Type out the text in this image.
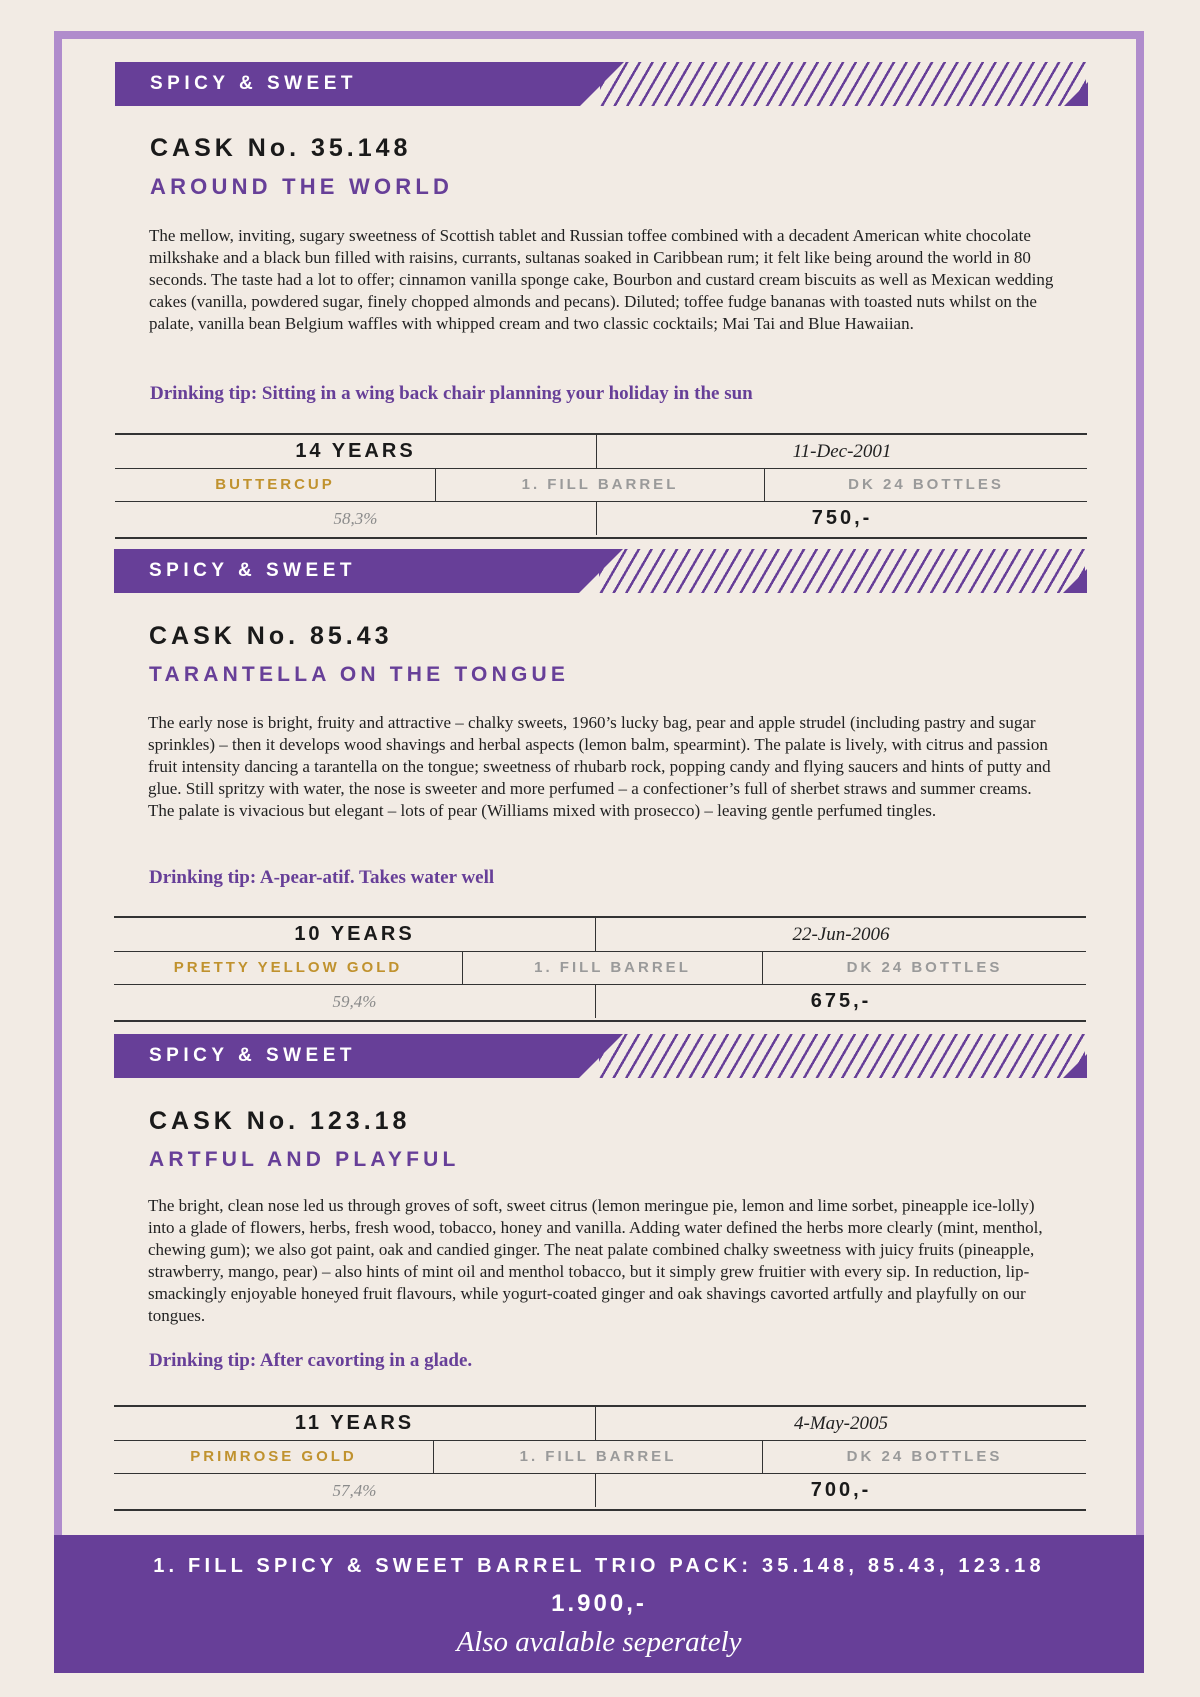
SPICY & SWEET
CASK No. 35.148
AROUND THE WORLD
The mellow, inviting, sugary sweetness of Scottish tablet and Russian toffee combined with a decadent American white chocolate milkshake and a black bun filled with raisins, currants, sultanas soaked in Caribbean rum; it felt like being around the world in 80 seconds. The taste had a lot to offer; cinnamon vanilla sponge cake, Bourbon and custard cream biscuits as well as Mexican wedding cakes (vanilla, powdered sugar, finely chopped almonds and pecans). Diluted; toffee fudge bananas with toasted nuts whilst on the palate, vanilla bean Belgium waffles with whipped cream and two classic cocktails; Mai Tai and Blue Hawaiian.
Drinking tip: Sitting in a wing back chair planning your holiday in the sun
14 YEARS	11-Dec-2001
BUTTERCUP	1. FILL BARREL	DK 24 BOTTLES
58,3%	750,-
SPICY & SWEET
CASK No. 85.43
TARANTELLA ON THE TONGUE
The early nose is bright, fruity and attractive – chalky sweets, 1960’s lucky bag, pear and apple strudel (including pastry and sugar sprinkles) – then it develops wood shavings and herbal aspects (lemon balm, spearmint). The palate is lively, with citrus and passion fruit intensity dancing a tarantella on the tongue; sweetness of rhubarb rock, popping candy and flying saucers and hints of putty and glue. Still spritzy with water, the nose is sweeter and more perfumed – a confectioner’s full of sherbet straws and summer creams. The palate is vivacious but elegant – lots of pear (Williams mixed with prosecco) – leaving gentle perfumed tingles.
Drinking tip: A-pear-atif. Takes water well
10 YEARS	22-Jun-2006
PRETTY YELLOW GOLD	1. FILL BARREL	DK 24 BOTTLES
59,4%	675,-
SPICY & SWEET
CASK No. 123.18
ARTFUL AND PLAYFUL
The bright, clean nose led us through groves of soft, sweet citrus (lemon meringue pie, lemon and lime sorbet, pineapple ice-lolly) into a glade of flowers, herbs, fresh wood, tobacco, honey and vanilla. Adding water defined the herbs more clearly (mint, menthol, chewing gum); we also got paint, oak and candied ginger. The neat palate combined chalky sweetness with juicy fruits (pineapple, strawberry, mango, pear) – also hints of mint oil and menthol tobacco, but it simply grew fruitier with every sip. In reduction, lip-smackingly enjoyable honeyed fruit flavours, while yogurt-coated ginger and oak shavings cavorted artfully and playfully on our tongues.
Drinking tip: After cavorting in a glade.
11 YEARS	4-May-2005
PRIMROSE GOLD	1. FILL BARREL	DK 24 BOTTLES
57,4%	700,-
1. FILL SPICY & SWEET BARREL TRIO PACK: 35.148, 85.43, 123.18
1.900,-
Also avalable seperately
